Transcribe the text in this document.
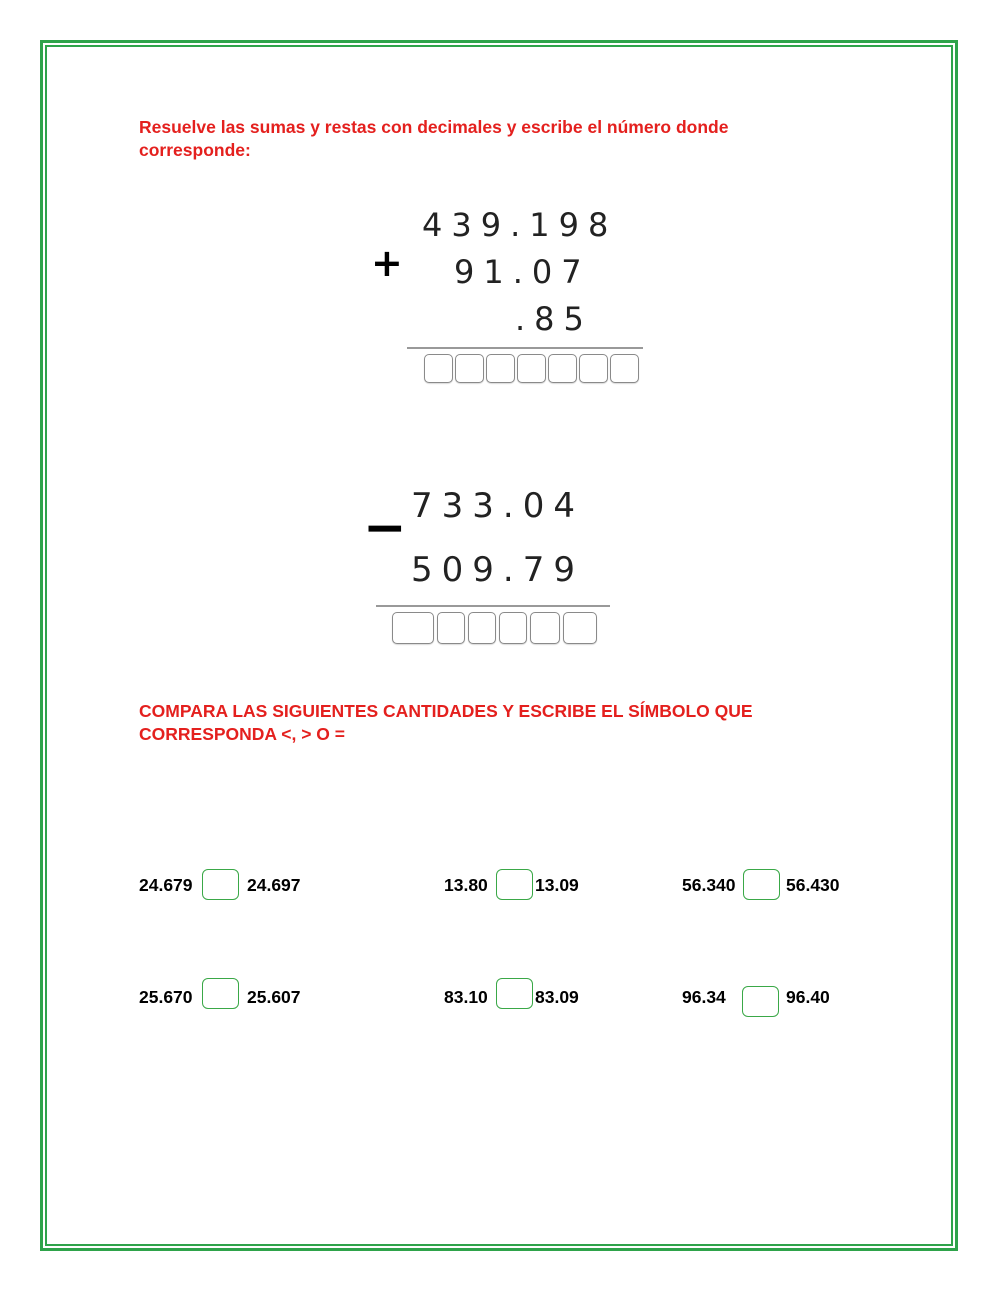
Resuelve las sumas y restas con decimales y escribe el número donde corresponde:

+
439.198
91.07
.85
− 733.04
509.79

COMPARA LAS SIGUIENTES CANTIDADES Y ESCRIBE EL SÍMBOLO QUE CORRESPONDA <, > O =

24.679	24.697	13.80	13.09	56.340	56.430
25.670	25.607	83.10	83.09	96.34	96.40
